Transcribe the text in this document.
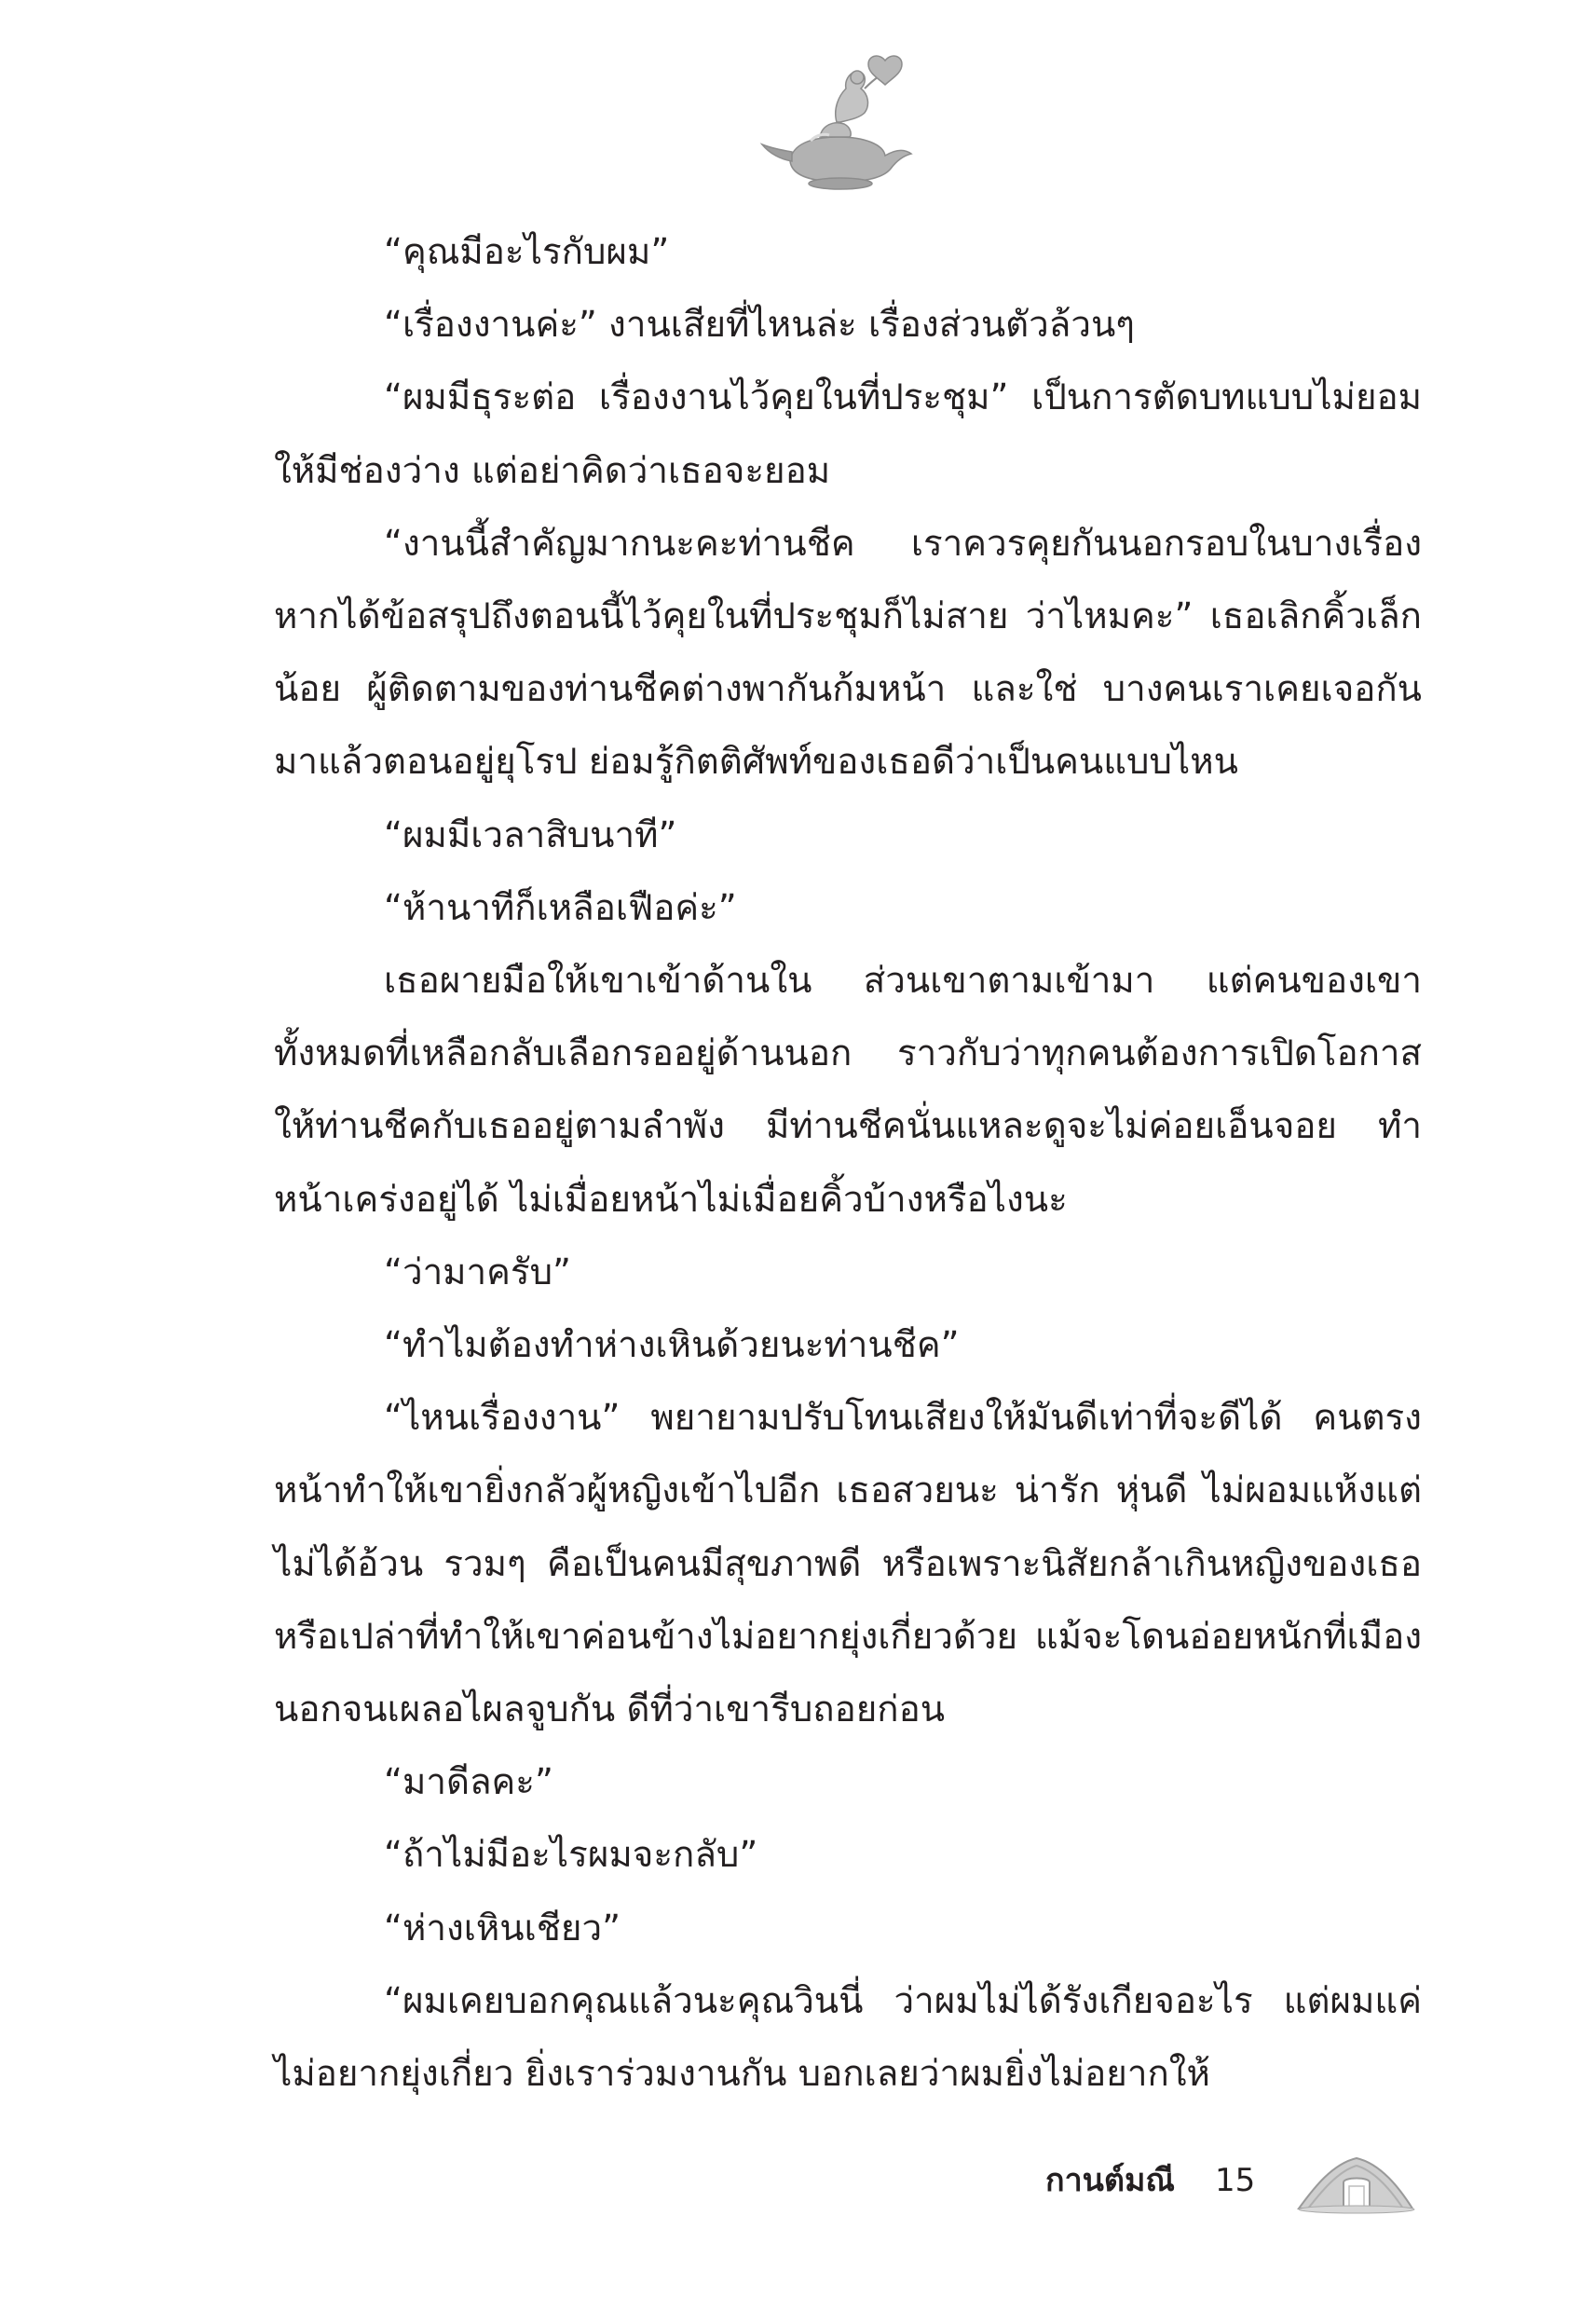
“คุณมีอะไรกับผม”

“เรื่องงานค่ะ” งานเสียที่ไหนล่ะ เรื่องส่วนตัวล้วนๆ

“ผมมีธุระต่อ เรื่องงานไว้คุยในที่ประชุม” เป็นการตัดบทแบบไม่ยอมให้มีช่องว่าง แต่อย่าคิดว่าเธอจะยอม

“งานนี้สำคัญมากนะคะท่านชีค เราควรคุยกันนอกรอบในบางเรื่อง หากได้ข้อสรุปถึงตอนนี้ไว้คุยในที่ประชุมก็ไม่สาย ว่าไหมคะ” เธอเลิกคิ้วเล็กน้อย ผู้ติดตามของท่านชีคต่างพากันก้มหน้า และใช่ บางคนเราเคยเจอกันมาแล้วตอนอยู่ยุโรป ย่อมรู้กิตติศัพท์ของเธอดีว่าเป็นคนแบบไหน

“ผมมีเวลาสิบนาที”

“ห้านาทีก็เหลือเฟือค่ะ”

เธอผายมือให้เขาเข้าด้านใน ส่วนเขาตามเข้ามา แต่คนของเขาทั้งหมดที่เหลือกลับเลือกรออยู่ด้านนอก ราวกับว่าทุกคนต้องการเปิดโอกาสให้ท่านชีคกับเธออยู่ตามลำพัง มีท่านชีคนั่นแหละดูจะไม่ค่อยเอ็นจอย ทำหน้าเคร่งอยู่ได้ ไม่เมื่อยหน้าไม่เมื่อยคิ้วบ้างหรือไงนะ

“ว่ามาครับ”

“ทำไมต้องทำห่างเหินด้วยนะท่านชีค”

“ไหนเรื่องงาน” พยายามปรับโทนเสียงให้มันดีเท่าที่จะดีได้ คนตรงหน้าทำให้เขายิ่งกลัวผู้หญิงเข้าไปอีก เธอสวยนะ น่ารัก หุ่นดี ไม่ผอมแห้งแต่ไม่ได้อ้วน รวมๆ คือเป็นคนมีสุขภาพดี หรือเพราะนิสัยกล้าเกินหญิงของเธอหรือเปล่าที่ทำให้เขาค่อนข้างไม่อยากยุ่งเกี่ยวด้วย แม้จะโดนอ่อยหนักที่เมืองนอกจนเผลอไผลจูบกัน ดีที่ว่าเขารีบถอยก่อน

“มาดีลคะ”

“ถ้าไม่มีอะไรผมจะกลับ”

“ห่างเหินเชียว”

“ผมเคยบอกคุณแล้วนะคุณวินนี่ ว่าผมไม่ได้รังเกียจอะไร แต่ผมแค่ไม่อยากยุ่งเกี่ยว ยิ่งเราร่วมงานกัน บอกเลยว่าผมยิ่งไม่อยากให้

กานต์มณี 15
